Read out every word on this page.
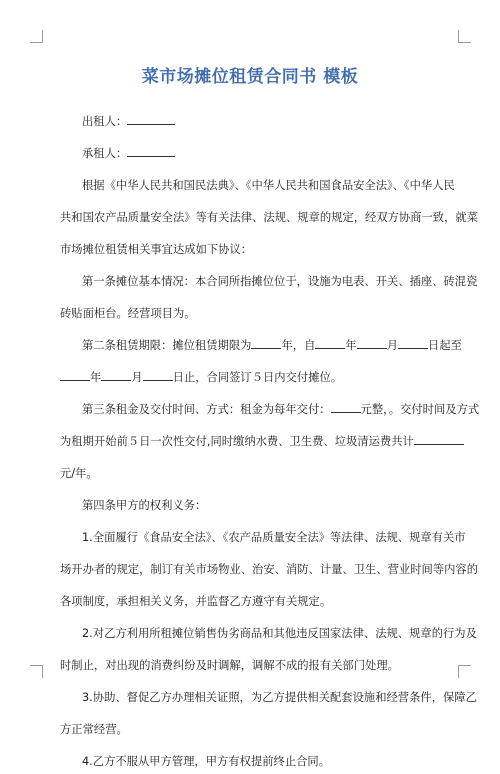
菜市场摊位租赁合同书 模板

出租人：

承租人：

根据《中华人民共和国民法典》、《中华人民共和国食品安全法》、《中华人民

共和国农产品质量安全法》等有关法律、法规、规章的规定，经双方协商一致，就菜

市场摊位租赁相关事宜达成如下协议：

第一条摊位基本情况：本合同所指摊位位于，设施为电表、开关、插座、砖混瓷

砖贴面柜台。经营项目为。

第二条租赁期限：摊位租赁期限为	年，自	年	月	日起至

年	月	日止，合同签订５日内交付摊位。

第三条租金及交付时间、方式：租金为每年交付：	元整，。交付时间及方式

为租期开始前５日一次性交付,同时缴纳水费、卫生费、垃圾清运费共计

元/年。

第四条甲方的权利义务：

1.全面履行《食品安全法》、《农产品质量安全法》等法律、法规、规章有关市

场开办者的规定，制订有关市场物业、治安、消防、计量、卫生、营业时间等内容的

各项制度，承担相关义务，并监督乙方遵守有关规定。

2.对乙方利用所租摊位销售伪劣商品和其他违反国家法律、法规、规章的行为及

时制止，对出现的消费纠纷及时调解，调解不成的报有关部门处理。

3.协助、督促乙方办理相关证照，为乙方提供相关配套设施和经营条件，保障乙

方正常经营。

4.乙方不服从甲方管理，甲方有权提前终止合同。
